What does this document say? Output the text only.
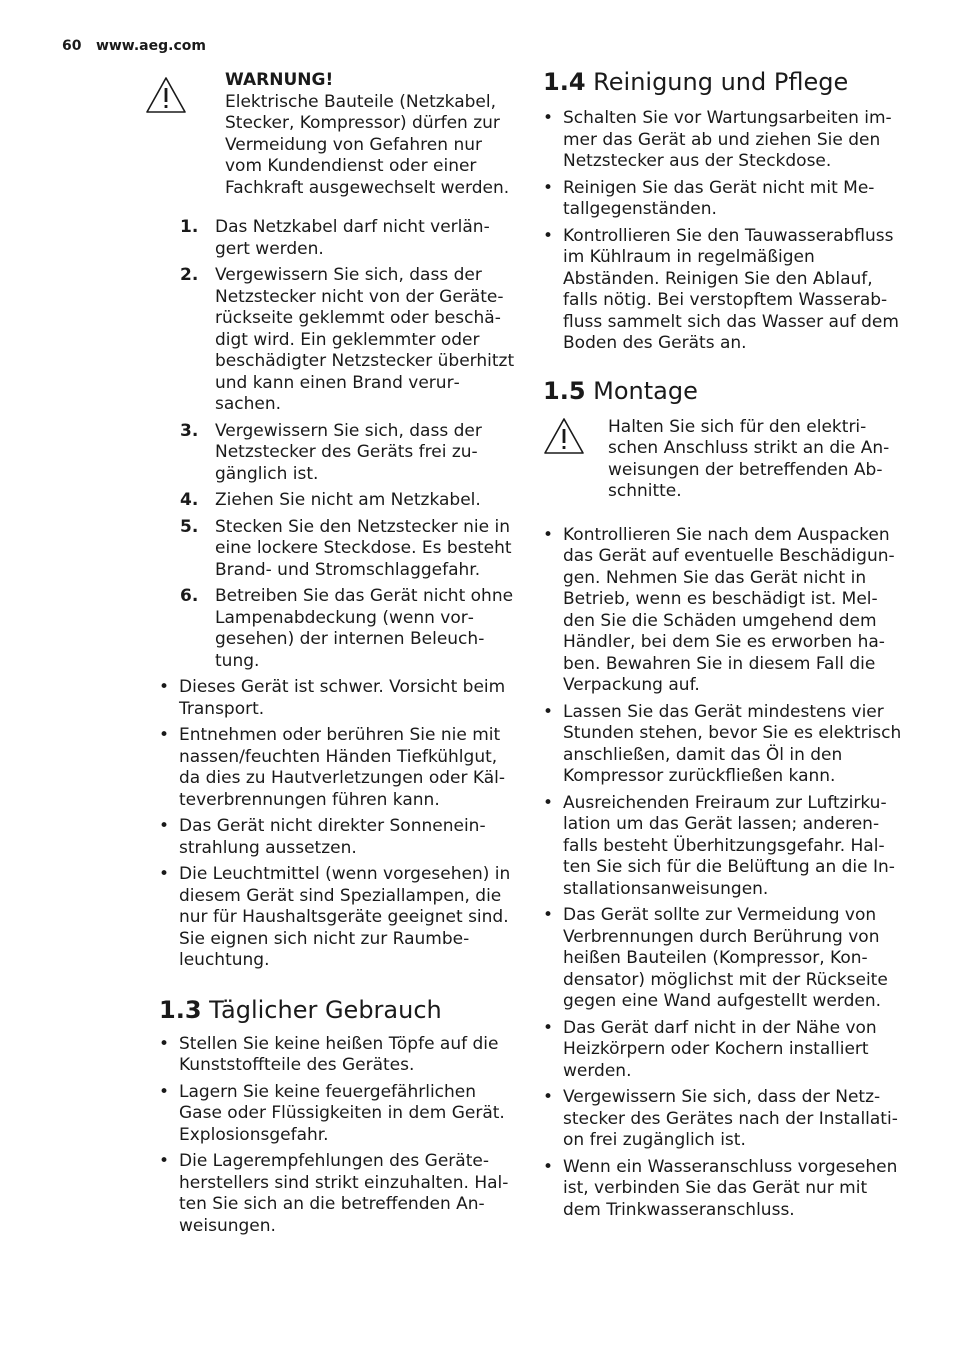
60 www.aeg.com
WARNUNG!
Elektrische Bauteile (Netzkabel, Stecker, Kompressor) dürfen zur Vermeidung von Gefahren nur vom Kundendienst oder einer Fachkraft ausgewechselt werden.
1. Das Netzkabel darf nicht verlängert werden.
2. Vergewissern Sie sich, dass der Netzstecker nicht von der Geräterückseite geklemmt oder beschädigt wird. Ein geklemmter oder beschädigter Netzstecker überhitzt und kann einen Brand verursachen.
3. Vergewissern Sie sich, dass der Netzstecker des Geräts frei zugänglich ist.
4. Ziehen Sie nicht am Netzkabel.
5. Stecken Sie den Netzstecker nie in eine lockere Steckdose. Es besteht Brand- und Stromschlaggefahr.
6. Betreiben Sie das Gerät nicht ohne Lampenabdeckung (wenn vorgesehen) der internen Beleuchtung.
• Dieses Gerät ist schwer. Vorsicht beim Transport.
• Entnehmen oder berühren Sie nie mit nassen/feuchten Händen Tiefkühlgut, da dies zu Hautverletzungen oder Kälteverbrennungen führen kann.
• Das Gerät nicht direkter Sonneneinstrahlung aussetzen.
• Die Leuchtmittel (wenn vorgesehen) in diesem Gerät sind Speziallampen, die nur für Haushaltsgeräte geeignet sind. Sie eignen sich nicht zur Raumbeleuchtung.
1.3 Täglicher Gebrauch
• Stellen Sie keine heißen Töpfe auf die Kunststoffteile des Gerätes.
• Lagern Sie keine feuergefährlichen Gase oder Flüssigkeiten in dem Gerät. Explosionsgefahr.
• Die Lagerempfehlungen des Geräteherstellers sind strikt einzuhalten. Halten Sie sich an die betreffenden Anweisungen.
1.4 Reinigung und Pflege
• Schalten Sie vor Wartungsarbeiten immer das Gerät ab und ziehen Sie den Netzstecker aus der Steckdose.
• Reinigen Sie das Gerät nicht mit Metallgegenständen.
• Kontrollieren Sie den Tauwasserabfluss im Kühlraum in regelmäßigen Abständen. Reinigen Sie den Ablauf, falls nötig. Bei verstopftem Wasserabfluss sammelt sich das Wasser auf dem Boden des Geräts an.
1.5 Montage
Halten Sie sich für den elektrischen Anschluss strikt an die Anweisungen der betreffenden Abschnitte.
• Kontrollieren Sie nach dem Auspacken das Gerät auf eventuelle Beschädigungen. Nehmen Sie das Gerät nicht in Betrieb, wenn es beschädigt ist. Melden Sie die Schäden umgehend dem Händler, bei dem Sie es erworben haben. Bewahren Sie in diesem Fall die Verpackung auf.
• Lassen Sie das Gerät mindestens vier Stunden stehen, bevor Sie es elektrisch anschließen, damit das Öl in den Kompressor zurückfließen kann.
• Ausreichenden Freiraum zur Luftzirkulation um das Gerät lassen; anderenfalls besteht Überhitzungsgefahr. Halten Sie sich für die Belüftung an die Installationsanweisungen.
• Das Gerät sollte zur Vermeidung von Verbrennungen durch Berührung von heißen Bauteilen (Kompressor, Kondensator) möglichst mit der Rückseite gegen eine Wand aufgestellt werden.
• Das Gerät darf nicht in der Nähe von Heizkörpern oder Kochern installiert werden.
• Vergewissern Sie sich, dass der Netzstecker des Gerätes nach der Installation frei zugänglich ist.
• Wenn ein Wasseranschluss vorgesehen ist, verbinden Sie das Gerät nur mit dem Trinkwasseranschluss.
